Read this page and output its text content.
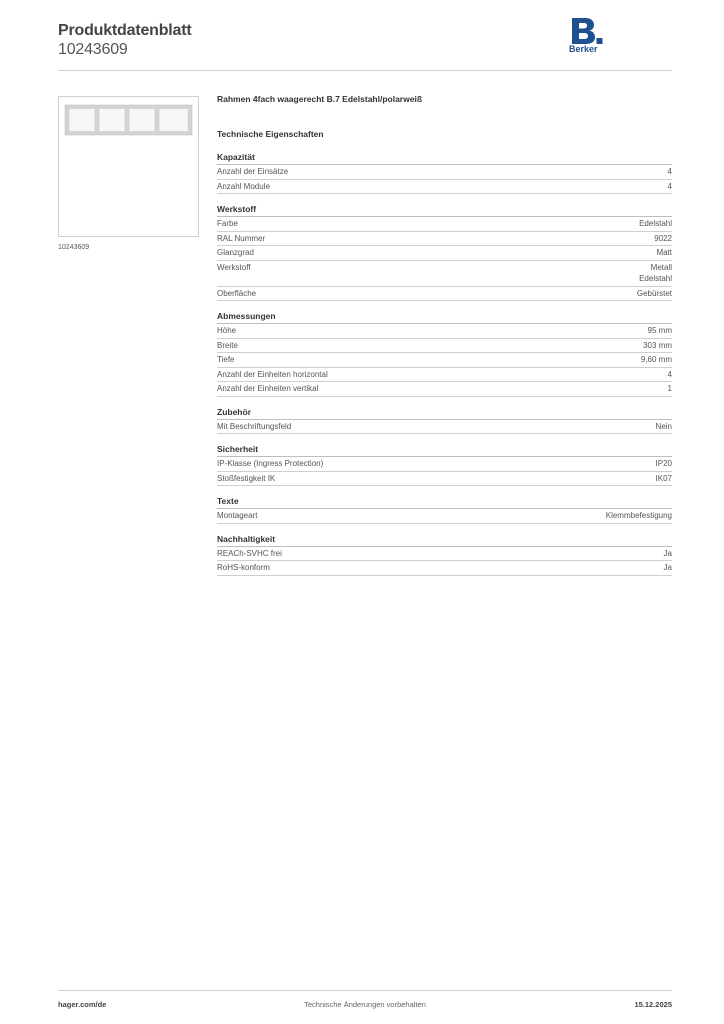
Produktdatenblatt
10243609	Berker
10243609
Rahmen 4fach waagerecht B.7 Edelstahl/polarweiß
Technische Eigenschaften
Kapazität
Anzahl der Einsätze	4
Anzahl Module	4
Werkstoff
Farbe	Edelstahl
RAL Nummer	9022
Glanzgrad	Matt
Werkstoff	Metall
Edelstahl
Oberfläche	Gebürstet
Abmessungen
Höhe	95 mm
Breite	303 mm
Tiefe	9,60 mm
Anzahl der Einheiten horizontal	4
Anzahl der Einheiten vertikal	1
Zubehör
Mit Beschriftungsfeld	Nein
Sicherheit
IP-Klasse (Ingress Protection)	IP20
Stoßfestigkeit IK	IK07
Texte
Montageart	Klemmbefestigung
Nachhaltigkeit
REACh-SVHC frei	Ja
RoHS-konform	Ja
hager.com/de	Technische Änderungen vorbehalten	15.12.2025
